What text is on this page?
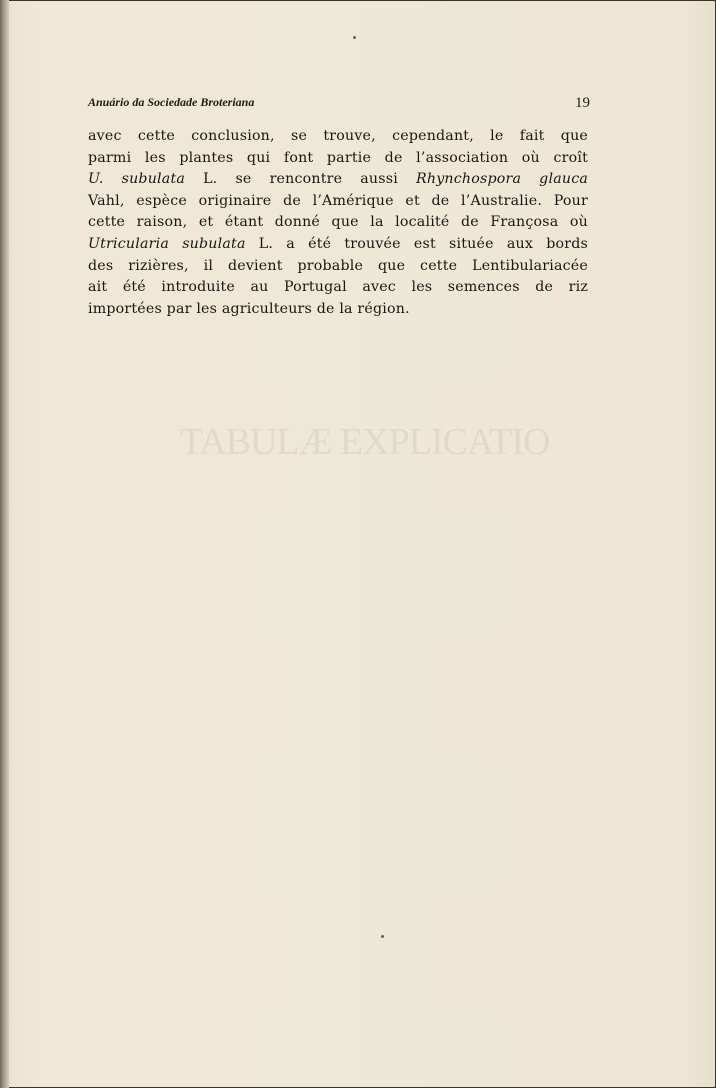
Anuário da Sociedade Broteriana	19
avec cette conclusion, se trouve, cependant, le fait que
parmi les plantes qui font partie de l’association où croît
U. subulata L. se rencontre aussi Rhynchospora glauca
Vahl, espèce originaire de l’Amérique et de l’Australie. Pour
cette raison, et étant donné que la localité de Françosa où
Utricularia subulata L. a été trouvée est située aux bords
des rizières, il devient probable que cette Lentibulariacée
ait été introduite au Portugal avec les semences de riz
importées par les agriculteurs de la région.
TABULÆ EXPLICATIO
